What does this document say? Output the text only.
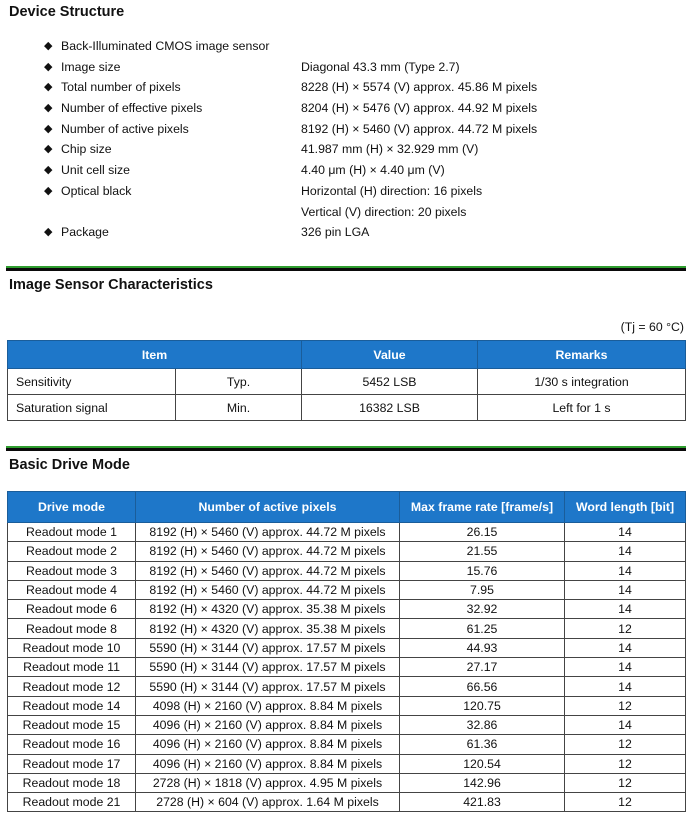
Device Structure
◆ Back-Illuminated CMOS image sensor
◆ Image size	Diagonal 43.3 mm (Type 2.7)
◆ Total number of pixels	8228 (H) × 5574 (V) approx. 45.86 M pixels
◆ Number of effective pixels	8204 (H) × 5476 (V) approx. 44.92 M pixels
◆ Number of active pixels	8192 (H) × 5460 (V) approx. 44.72 M pixels
◆ Chip size	41.987 mm (H) × 32.929 mm (V)
◆ Unit cell size	4.40 μm (H) × 4.40 μm (V)
◆ Optical black	Horizontal (H) direction: 16 pixels
Vertical (V) direction: 20 pixels
◆ Package	326 pin LGA
Image Sensor Characteristics
(Tj = 60 °C)
Item		Value	Remarks
Sensitivity	Typ.	5452 LSB	1/30 s integration
Saturation signal	Min.	16382 LSB	Left for 1 s
Basic Drive Mode
Drive mode	Number of active pixels	Max frame rate [frame/s]	Word length [bit]
Readout mode 1	8192 (H) × 5460 (V) approx. 44.72 M pixels	26.15	14
Readout mode 2	8192 (H) × 5460 (V) approx. 44.72 M pixels	21.55	14
Readout mode 3	8192 (H) × 5460 (V) approx. 44.72 M pixels	15.76	14
Readout mode 4	8192 (H) × 5460 (V) approx. 44.72 M pixels	7.95	14
Readout mode 6	8192 (H) × 4320 (V) approx. 35.38 M pixels	32.92	14
Readout mode 8	8192 (H) × 4320 (V) approx. 35.38 M pixels	61.25	12
Readout mode 10	5590 (H) × 3144 (V) approx. 17.57 M pixels	44.93	14
Readout mode 11	5590 (H) × 3144 (V) approx. 17.57 M pixels	27.17	14
Readout mode 12	5590 (H) × 3144 (V) approx. 17.57 M pixels	66.56	14
Readout mode 14	4098 (H) × 2160 (V) approx. 8.84 M pixels	120.75	12
Readout mode 15	4096 (H) × 2160 (V) approx. 8.84 M pixels	32.86	14
Readout mode 16	4096 (H) × 2160 (V) approx. 8.84 M pixels	61.36	12
Readout mode 17	4096 (H) × 2160 (V) approx. 8.84 M pixels	120.54	12
Readout mode 18	2728 (H) × 1818 (V) approx. 4.95 M pixels	142.96	12
Readout mode 21	2728 (H) × 604 (V) approx. 1.64 M pixels	421.83	12
